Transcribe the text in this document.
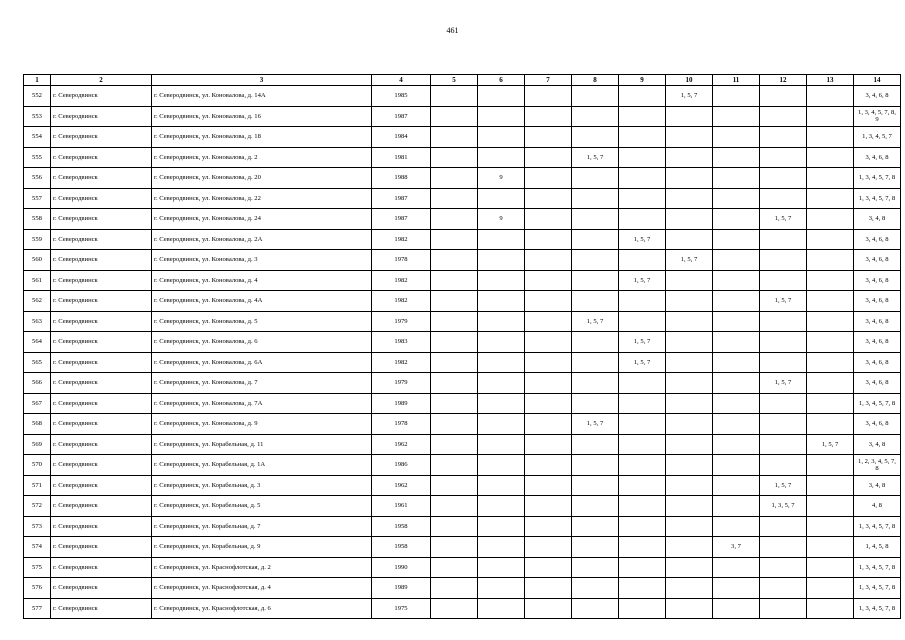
461
1	2	3	4	5	6	7	8	9	10	11	12	13	14
552	г. Северодвинск	г. Северодвинск, ул. Коновалова, д. 14А	1985						1, 5, 7				3, 4, 6, 8
553	г. Северодвинск	г. Северодвинск, ул. Коновалова, д. 16	1987										1, 3, 4, 5, 7, 8, 9
554	г. Северодвинск	г. Северодвинск, ул. Коновалова, д. 18	1984										1, 3, 4, 5, 7
555	г. Северодвинск	г. Северодвинск, ул. Коновалова, д. 2	1981				1, 5, 7						3, 4, 6, 8
556	г. Северодвинск	г. Северодвинск, ул. Коновалова, д. 20	1988		9								1, 3, 4, 5, 7, 8
557	г. Северодвинск	г. Северодвинск, ул. Коновалова, д. 22	1987										1, 3, 4, 5, 7, 8
558	г. Северодвинск	г. Северодвинск, ул. Коновалова, д. 24	1987		9						1, 5, 7		3, 4, 8
559	г. Северодвинск	г. Северодвинск, ул. Коновалова, д. 2А	1982					1, 5, 7					3, 4, 6, 8
560	г. Северодвинск	г. Северодвинск, ул. Коновалова, д. 3	1978						1, 5, 7				3, 4, 6, 8
561	г. Северодвинск	г. Северодвинск, ул. Коновалова, д. 4	1982					1, 5, 7					3, 4, 6, 8
562	г. Северодвинск	г. Северодвинск, ул. Коновалова, д. 4А	1982								1, 5, 7		3, 4, 6, 8
563	г. Северодвинск	г. Северодвинск, ул. Коновалова, д. 5	1979				1, 5, 7						3, 4, 6, 8
564	г. Северодвинск	г. Северодвинск, ул. Коновалова, д. 6	1983					1, 5, 7					3, 4, 6, 8
565	г. Северодвинск	г. Северодвинск, ул. Коновалова, д. 6А	1982					1, 5, 7					3, 4, 6, 8
566	г. Северодвинск	г. Северодвинск, ул. Коновалова, д. 7	1979								1, 5, 7		3, 4, 6, 8
567	г. Северодвинск	г. Северодвинск, ул. Коновалова, д. 7А	1989										1, 3, 4, 5, 7, 8
568	г. Северодвинск	г. Северодвинск, ул. Коновалова, д. 9	1978				1, 5, 7						3, 4, 6, 8
569	г. Северодвинск	г. Северодвинск, ул. Корабельная, д. 11	1962									1, 5, 7	3, 4, 8
570	г. Северодвинск	г. Северодвинск, ул. Корабельная, д. 1А	1986										1, 2, 3, 4, 5, 7, 8
571	г. Северодвинск	г. Северодвинск, ул. Корабельная, д. 3	1962								1, 5, 7		3, 4, 8
572	г. Северодвинск	г. Северодвинск, ул. Корабельная, д. 5	1961								1, 3, 5, 7		4, 8
573	г. Северодвинск	г. Северодвинск, ул. Корабельная, д. 7	1958										1, 3, 4, 5, 7, 8
574	г. Северодвинск	г. Северодвинск, ул. Корабельная, д. 9	1958							3, 7			1, 4, 5, 8
575	г. Северодвинск	г. Северодвинск, ул. Краснофлотская, д. 2	1990										1, 3, 4, 5, 7, 8
576	г. Северодвинск	г. Северодвинск, ул. Краснофлотская, д. 4	1989										1, 3, 4, 5, 7, 8
577	г. Северодвинск	г. Северодвинск, ул. Краснофлотская, д. 6	1975										1, 3, 4, 5, 7, 8
